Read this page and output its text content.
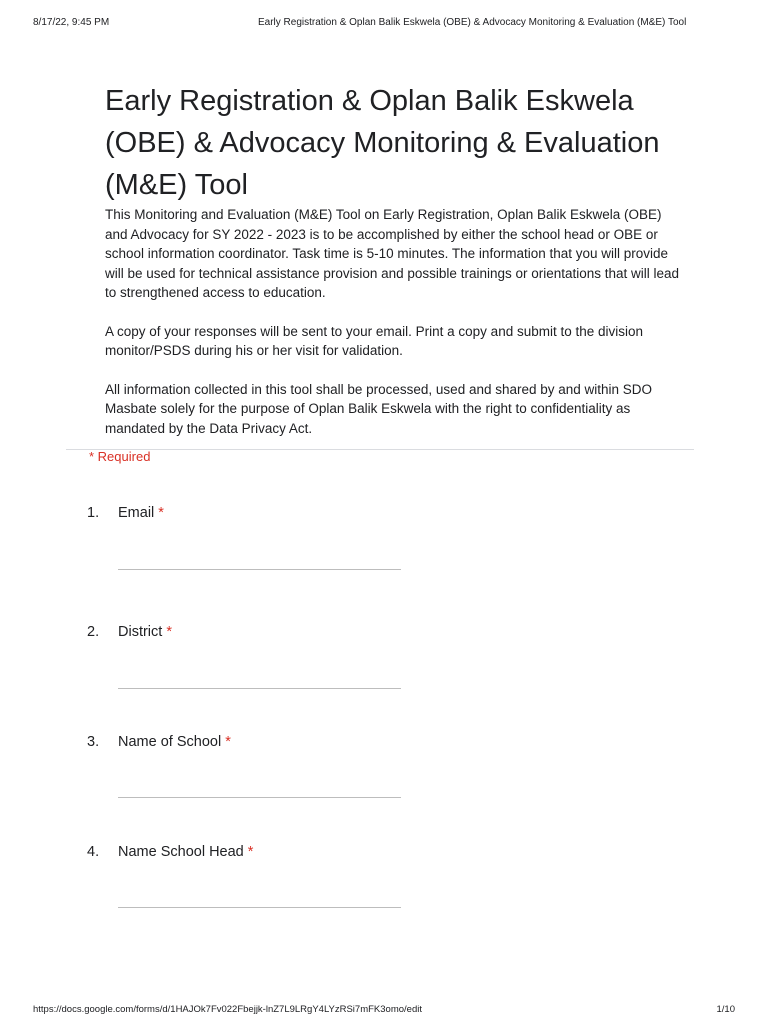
8/17/22, 9:45 PM	Early Registration & Oplan Balik Eskwela (OBE) & Advocacy Monitoring & Evaluation (M&E) Tool
Early Registration & Oplan Balik Eskwela (OBE) & Advocacy Monitoring & Evaluation (M&E) Tool

This Monitoring and Evaluation (M&E) Tool on Early Registration, Oplan Balik Eskwela (OBE) and Advocacy for SY 2022 - 2023 is to be accomplished by either the school head or OBE or school information coordinator. Task time is 5-10 minutes. The information that you will provide will be used for technical assistance provision and possible trainings or orientations that will lead to strengthened access to education.

A copy of your responses will be sent to your email. Print a copy and submit to the division monitor/PSDS during his or her visit for validation.

All information collected in this tool shall be processed, used and shared by and within SDO Masbate solely for the purpose of Oplan Balik Eskwela with the right to confidentiality as mandated by the Data Privacy Act.

* Required
1. Email *
2. District *
3. Name of School *
4. Name School Head *
https://docs.google.com/forms/d/1HAJOk7Fv022Fbejjk-lnZ7L9LRgY4LYzRSi7mFK3omo/edit	1/10
